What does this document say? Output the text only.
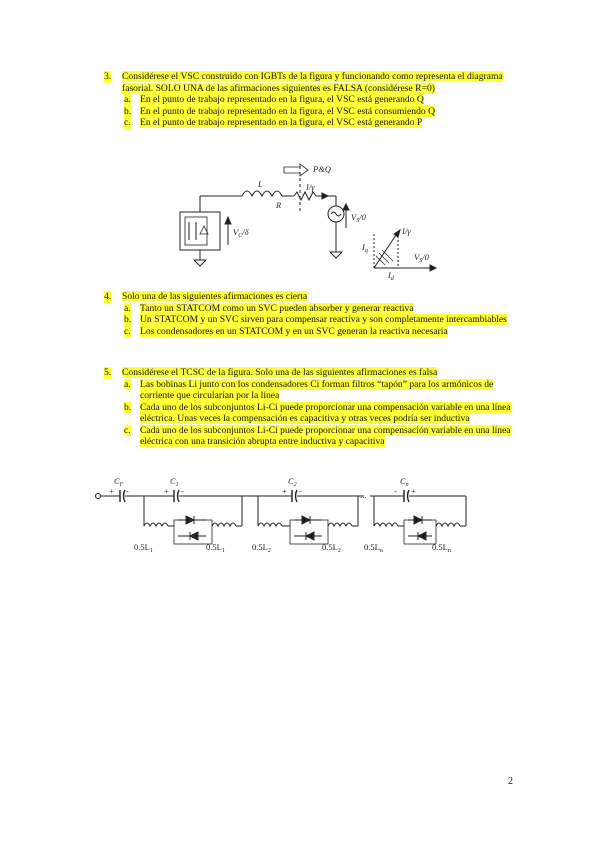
3. Considérese el VSC construido con IGBTs de la figura y funcionando como representa el diagrama fasorial. SOLO UNA de las afirmaciones siguientes es FALSA (considérese R=0)
a. En el punto de trabajo representado en la figura, el VSC está generando Q
b. En el punto de trabajo representado en la figura, el VSC está consumiendo Q
c. En el punto de trabajo representado en la figura, el VSC está generando P
L
R
P&Q
I/γ
$V_C/\delta$
$V_S/0$
$I_q$
$I_d$
I/γ
$V_S/0$
4. Solo una de las siguientes afirmaciones es cierta
a. Tanto un STATCOM como un SVC pueden absorber y generar reactiva
b. Un STATCOM y un SVC sirven para compensar reactiva y son completamente intercambiables
c. Los condensadores en un STATCOM y en un SVC generan la reactiva necesaria
5. Considérese el TCSC de la figura. Solo una de las siguientes afirmaciones es falsa
a. Las bobinas Li junto con los condensadores Ci forman filtros “tapón” para los armónicos de corriente que circularían por la línea
b. Cada uno de los subconjuntos Li-Ci puede proporcionar una compensación variable en una línea eléctrica. Unas veces la compensación es capacitiva y otras veces podría ser inductiva
c. Cada uno de los subconjuntos Li-Ci puede proporcionar una compensación variable en una línea eléctrica con una transición abrupta entre inductiva y capacitiva
$C_F$
+ -
$C_1$
+ -
$C_2$
+ -
$C_n$
- +
...
$0.5L_1$	$0.5L_1$	$0.5L_2$	$0.5L_2$	$0.5L_n$	$0.5L_n$
2
